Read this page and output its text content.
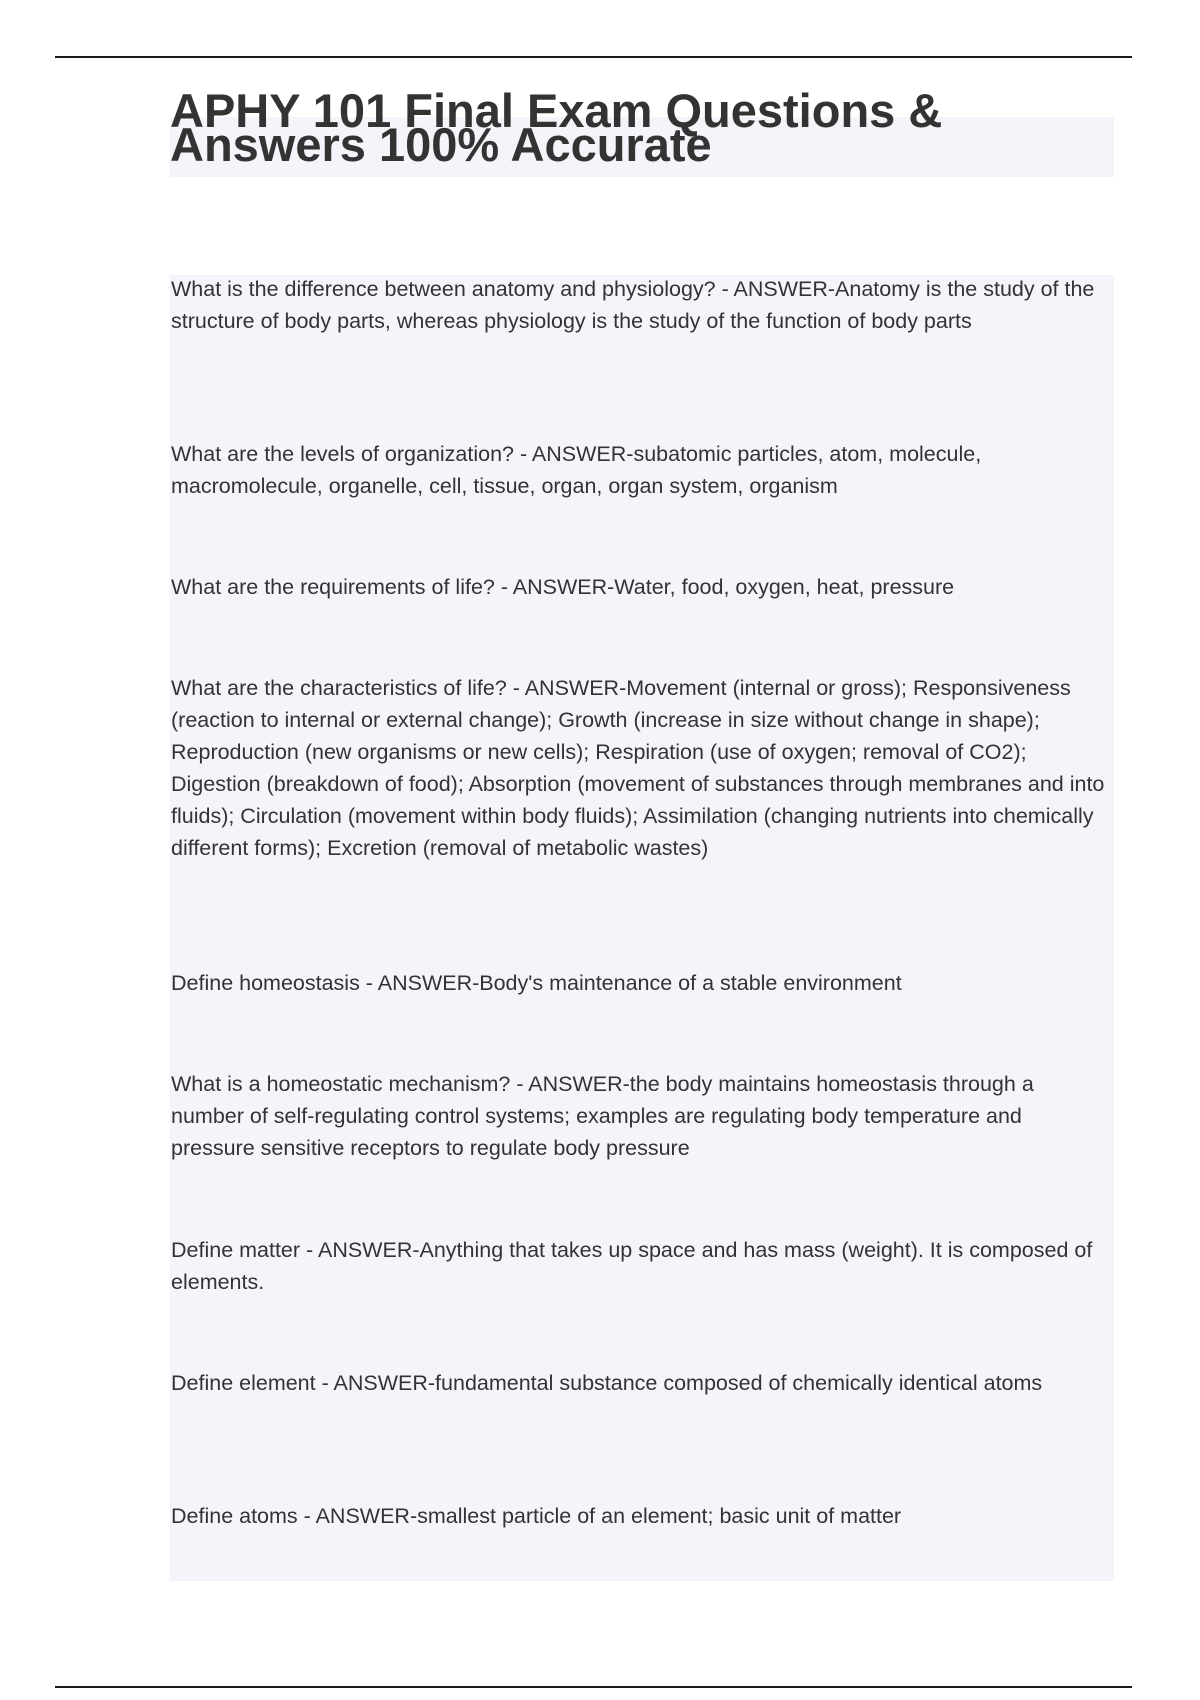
APHY 101 Final Exam Questions & Answers 100% Accurate

What is the difference between anatomy and physiology? - ANSWER-Anatomy is the study of the structure of body parts, whereas physiology is the study of the function of body parts

What are the levels of organization? - ANSWER-subatomic particles, atom, molecule, macromolecule, organelle, cell, tissue, organ, organ system, organism

What are the requirements of life? - ANSWER-Water, food, oxygen, heat, pressure

What are the characteristics of life? - ANSWER-Movement (internal or gross); Responsiveness (reaction to internal or external change); Growth (increase in size without change in shape); Reproduction (new organisms or new cells); Respiration (use of oxygen; removal of CO2); Digestion (breakdown of food); Absorption (movement of substances through membranes and into fluids); Circulation (movement within body fluids); Assimilation (changing nutrients into chemically different forms); Excretion (removal of metabolic wastes)

Define homeostasis - ANSWER-Body's maintenance of a stable environment

What is a homeostatic mechanism? - ANSWER-the body maintains homeostasis through a number of self-regulating control systems; examples are regulating body temperature and pressure sensitive receptors to regulate body pressure

Define matter - ANSWER-Anything that takes up space and has mass (weight). It is composed of elements.

Define element - ANSWER-fundamental substance composed of chemically identical atoms

Define atoms - ANSWER-smallest particle of an element; basic unit of matter
